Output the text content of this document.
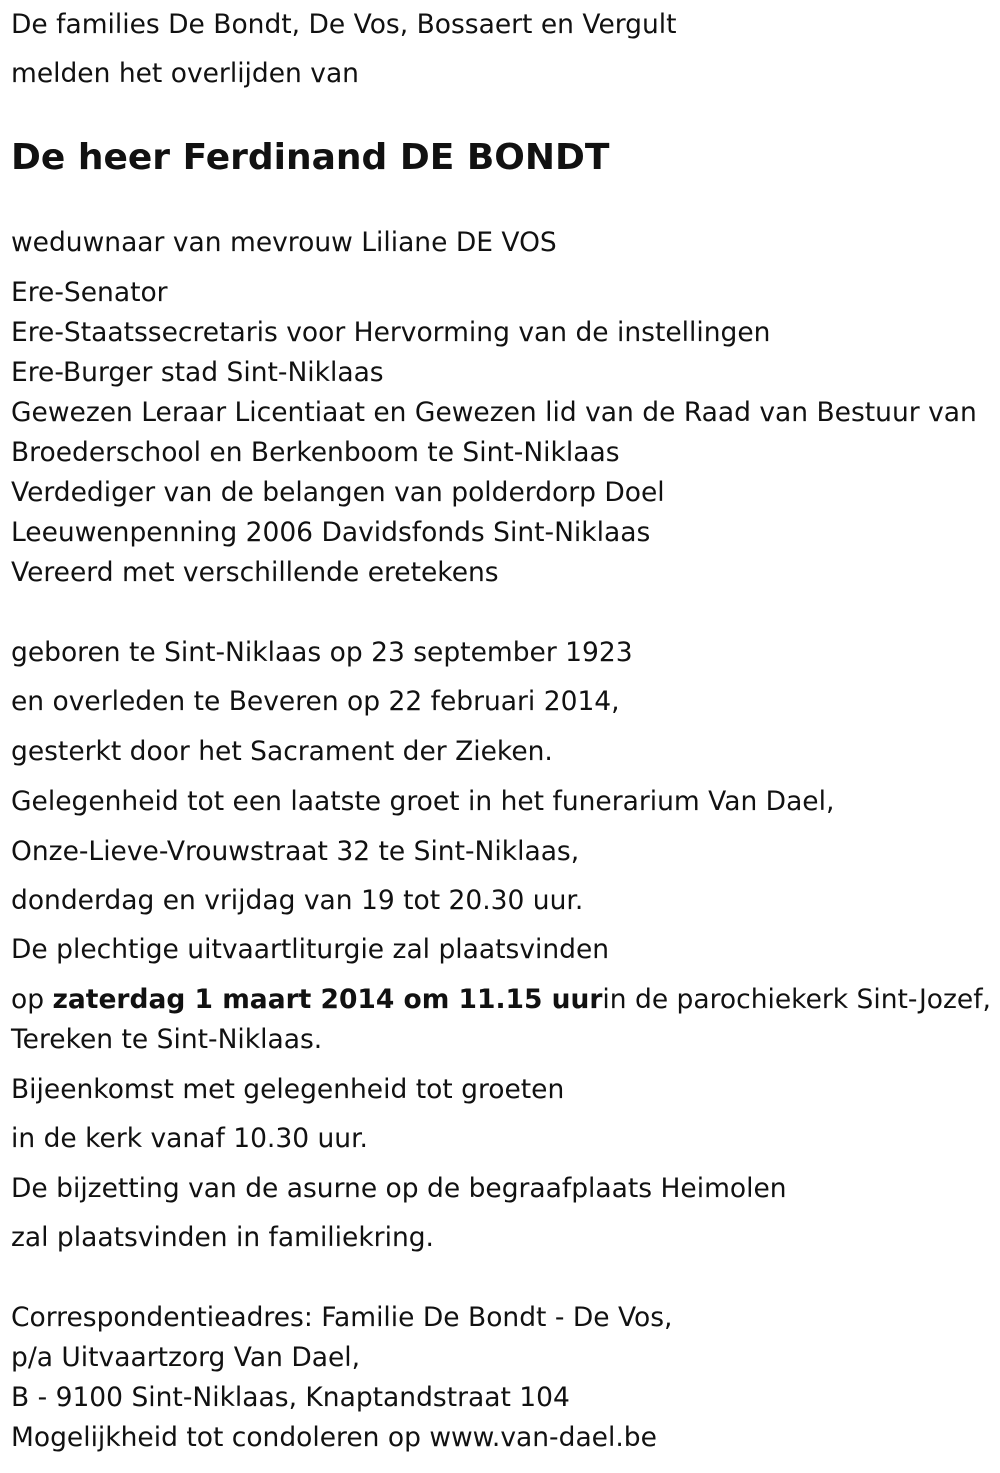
De families De Bondt, De Vos, Bossaert en Vergult
melden het overlijden van
De heer Ferdinand DE BONDT
weduwnaar van mevrouw Liliane DE VOS
Ere-Senator
Ere-Staatssecretaris voor Hervorming van de instellingen
Ere-Burger stad Sint-Niklaas
Gewezen Leraar Licentiaat en Gewezen lid van de Raad van Bestuur van
Broederschool en Berkenboom te Sint-Niklaas
Verdediger van de belangen van polderdorp Doel
Leeuwenpenning 2006 Davidsfonds Sint-Niklaas
Vereerd met verschillende eretekens
geboren te Sint-Niklaas op 23 september 1923
en overleden te Beveren op 22 februari 2014,
gesterkt door het Sacrament der Zieken.
Gelegenheid tot een laatste groet in het funerarium Van Dael,
Onze-Lieve-Vrouwstraat 32 te Sint-Niklaas,
donderdag en vrijdag van 19 tot 20.30 uur.
De plechtige uitvaartliturgie zal plaatsvinden
op zaterdag 1 maart 2014 om 11.15 uurin de parochiekerk Sint-Jozef,
Tereken te Sint-Niklaas.
Bijeenkomst met gelegenheid tot groeten
in de kerk vanaf 10.30 uur.
De bijzetting van de asurne op de begraafplaats Heimolen
zal plaatsvinden in familiekring.
Correspondentieadres: Familie De Bondt - De Vos,
p/a Uitvaartzorg Van Dael,
B - 9100 Sint-Niklaas, Knaptandstraat 104
Mogelijkheid tot condoleren op www.van-dael.be
